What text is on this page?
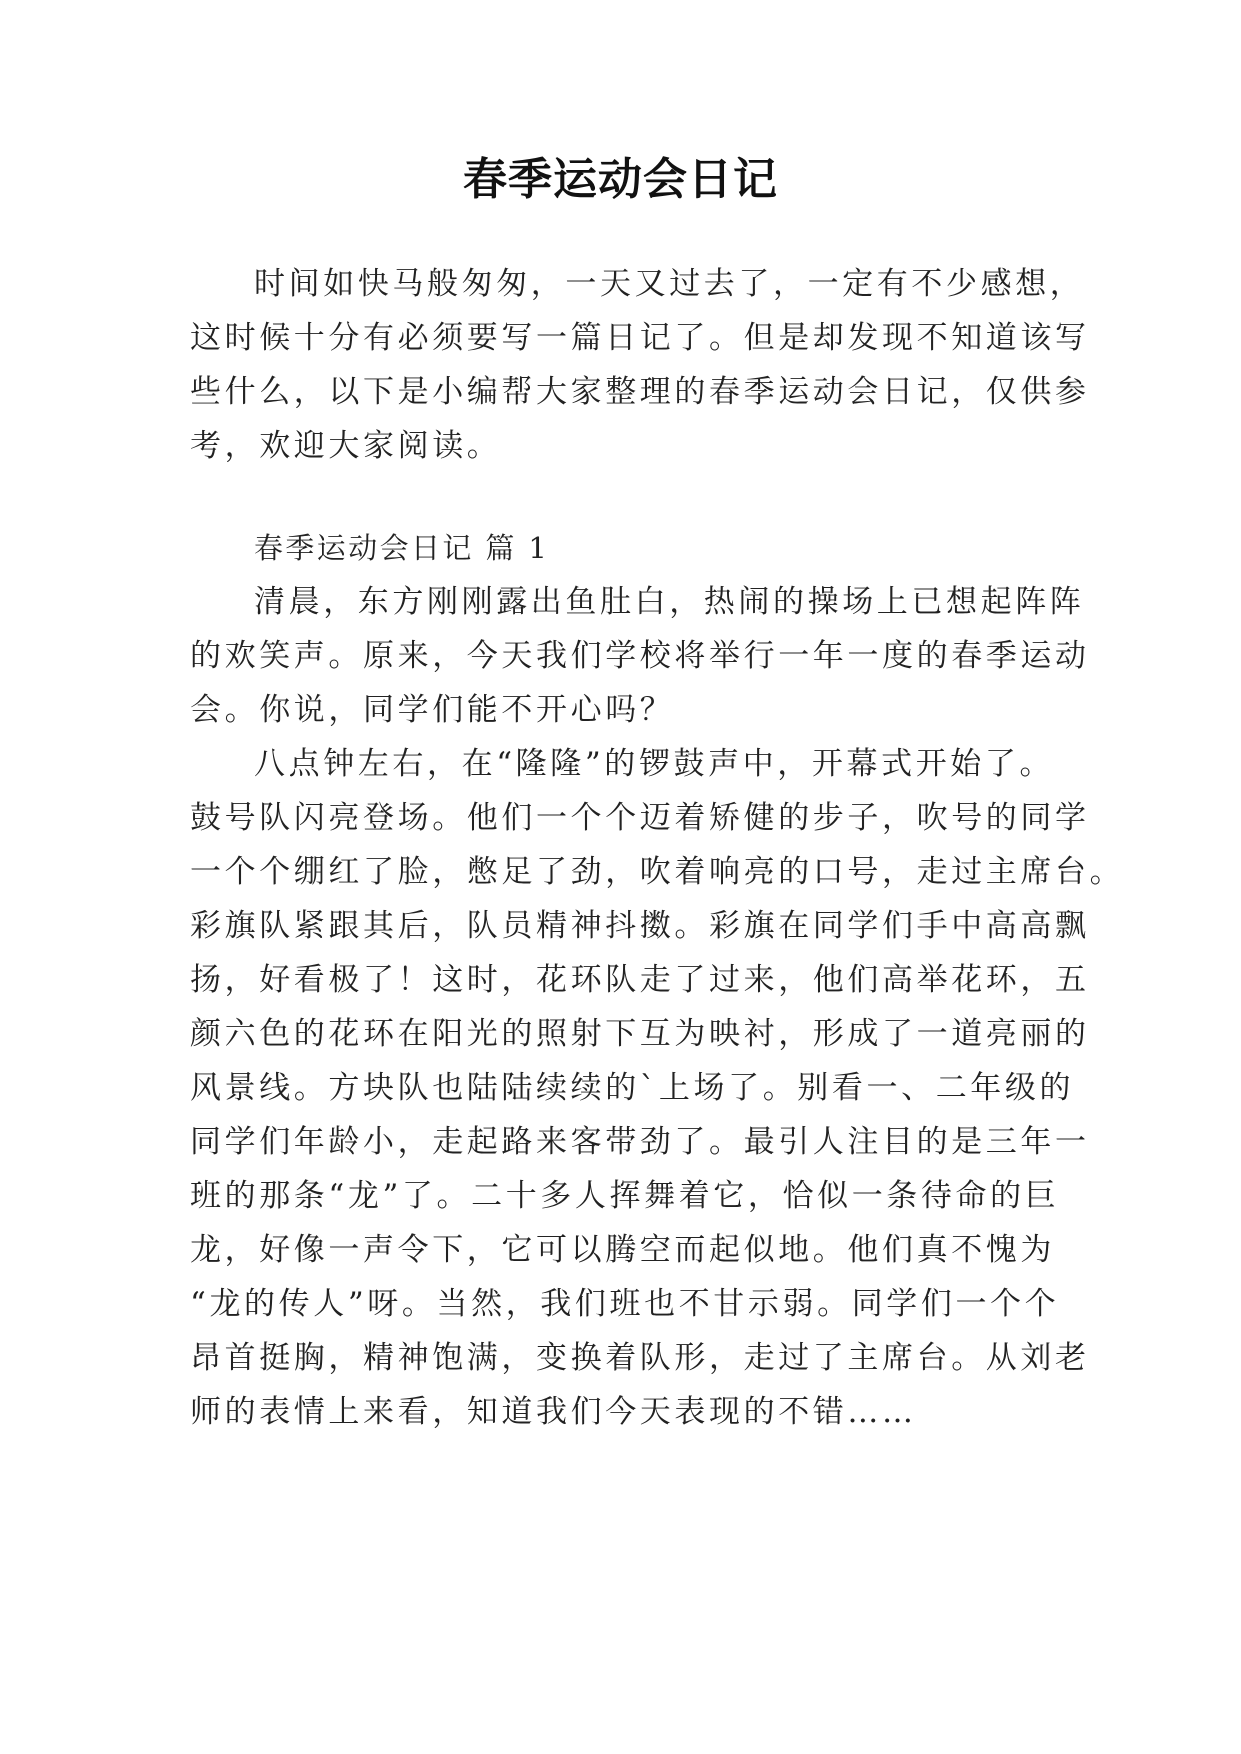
春季运动会日记
时间如快马般匆匆，一天又过去了，一定有不少感想，
这时候十分有必须要写一篇日记了。但是却发现不知道该写
些什么，以下是小编帮大家整理的春季运动会日记，仅供参
考，欢迎大家阅读。
春季运动会日记 篇 1
清晨，东方刚刚露出鱼肚白，热闹的操场上已想起阵阵
的欢笑声。原来，今天我们学校将举行一年一度的春季运动
会。你说，同学们能不开心吗？
八点钟左右，在“隆隆”的锣鼓声中，开幕式开始了。
鼓号队闪亮登场。他们一个个迈着矫健的步子，吹号的同学
一个个绷红了脸，憋足了劲，吹着响亮的口号，走过主席台。
彩旗队紧跟其后，队员精神抖擞。彩旗在同学们手中高高飘
扬，好看极了！这时，花环队走了过来，他们高举花环，五
颜六色的花环在阳光的照射下互为映衬，形成了一道亮丽的
风景线。方块队也陆陆续续的`上场了。别看一、二年级的
同学们年龄小，走起路来客带劲了。最引人注目的是三年一
班的那条“龙”了。二十多人挥舞着它，恰似一条待命的巨
龙，好像一声令下，它可以腾空而起似地。他们真不愧为
“龙的传人”呀。当然，我们班也不甘示弱。同学们一个个
昂首挺胸，精神饱满，变换着队形，走过了主席台。从刘老
师的表情上来看，知道我们今天表现的不错……
